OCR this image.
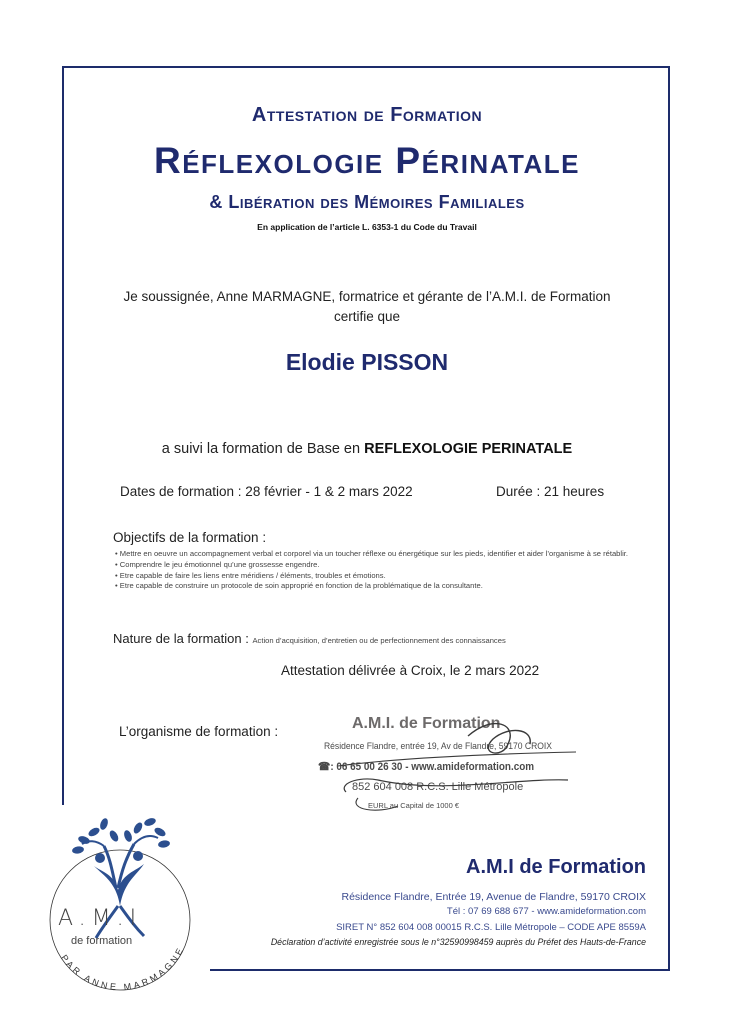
Attestation de Formation
Réflexologie Périnatale
& Libération des Mémoires Familiales
En application de l’article L. 6353-1 du Code du Travail
Je soussignée, Anne MARMAGNE, formatrice et gérante de l’A.M.I. de Formation
certifie que
Elodie PISSON
a suivi la formation de Base en REFLEXOLOGIE PERINATALE
Dates de formation : 28 février - 1 & 2 mars 2022	Durée : 21 heures
Objectifs de la formation :
• Mettre en oeuvre un accompagnement verbal et corporel via un toucher réflexe ou énergétique sur les pieds, identifier et aider l’organisme à se rétablir.
• Comprendre le jeu émotionnel qu’une grossesse engendre.
• Etre capable de faire les liens entre méridiens / éléments, troubles et émotions.
• Etre capable de construire un protocole de soin approprié en fonction de la problématique de la consultante.
Nature de la formation : Action d’acquisition, d’entretien ou de perfectionnement des connaissances
Attestation délivrée à Croix, le 2 mars 2022
L’organisme de formation :	A.M.I. de Formation
Résidence Flandre, entrée 19, Av de Flandre, 59170 CROIX
☎: 06 65 00 26 30 - www.amideformation.com
852 604 008 R.C.S. Lille Métropole
EURL au Capital de 1000 €
A.M.I de Formation
Résidence Flandre, Entrée 19, Avenue de Flandre, 59170 CROIX
Tél : 07 69 688 677 - www.amideformation.com
SIRET N° 852 604 008 00015 R.C.S. Lille Métropole – CODE APE 8559A
Déclaration d’activité enregistrée sous le n°32590998459 auprès du Préfet des Hauts-de-France
PAR ANNE MARMAGNE
A.M.I
de formation
